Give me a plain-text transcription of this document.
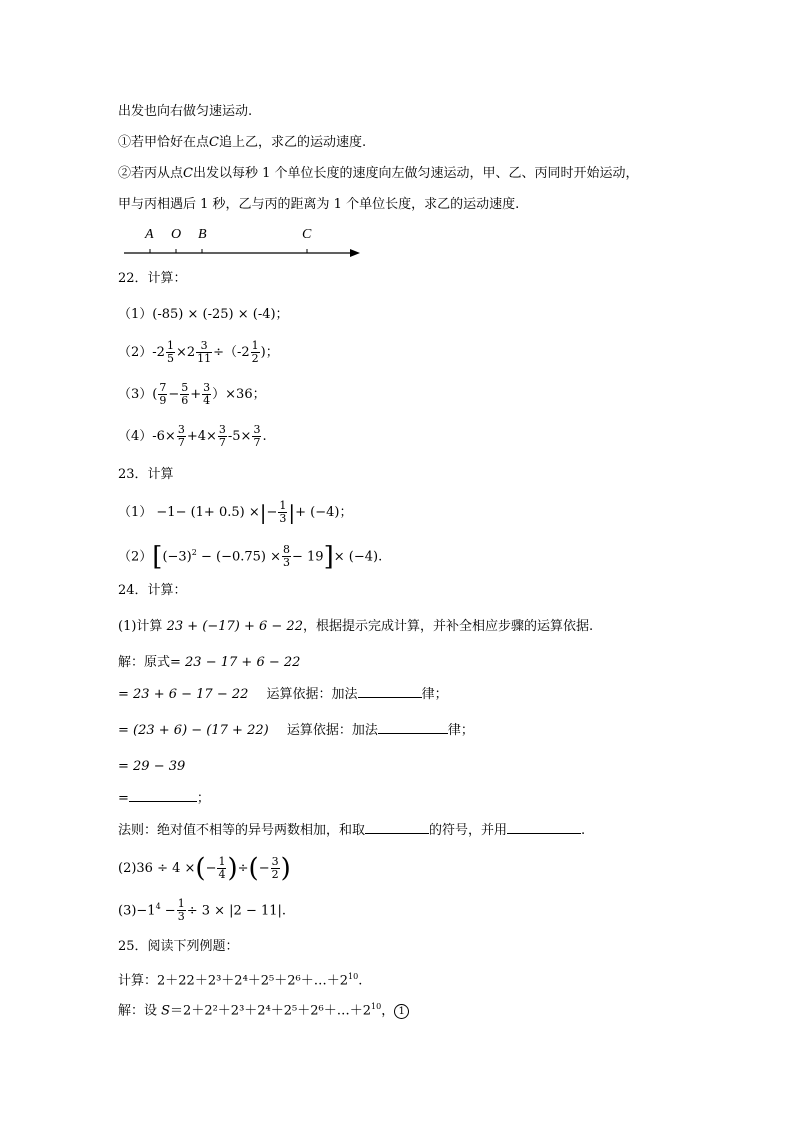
出发也向右做匀速运动.
①若甲恰好在点C追上乙，求乙的运动速度.
②若丙从点C出发以每秒 1 个单位长度的速度向左做匀速运动，甲、乙、丙同时开始运动，
甲与丙相遇后 1 秒，乙与丙的距离为 1 个单位长度，求乙的运动速度.
A O B	C
22．计算：
（1）(-85) × (-25) × (-4)；
$(2)-2 \frac{1}{5} \times 2 \frac{3}{11} \div(-2 \frac{1}{2}$ )；
$(3)( \frac{7}{9} - \frac{5}{6} + \frac{3}{4} )\times 36$；
$(4)-6\times \frac{3}{7} +4\times \frac{3}{7} -5\times \frac{3}{7}$ .
23．计算
（1） −1− (1+ 0.5) ×|− $\frac{1}{3}$ |+ (−4)；
$(2)[(-3)^2 - (-0.75) \times \frac{8}{3} - 19]\times (-4)$.
24．计算：
(1)计算 23 + (−17) + 6 − 22，根据提示完成计算，并补全相应步骤的运算依据.
解：原式= 23 − 17 + 6 − 22
= 23 + 6 − 17 − 22 运算依据：加法	律；
= (23 + 6) − (17 + 22) 运算依据：加法	律；
= 29 − 39
=	；
法则：绝对值不相等的异号两数相加，和取	的符号，并用	.
(2)36 ÷ 4 ×(− $\frac{1}{4}$ )÷(− $\frac{3}{2}$ )
$(3)-1^4 - \frac{1}{3} \div 3 \times |2 - 11|$.
25．阅读下列例题：
计算：$2+22+2^3+2^4+2^5+2^6+\dots+2^{10}$.
解：设 $S=2+2^2+2^3+2^4+2^5+2^6+\dots+2^{10}$， 1
